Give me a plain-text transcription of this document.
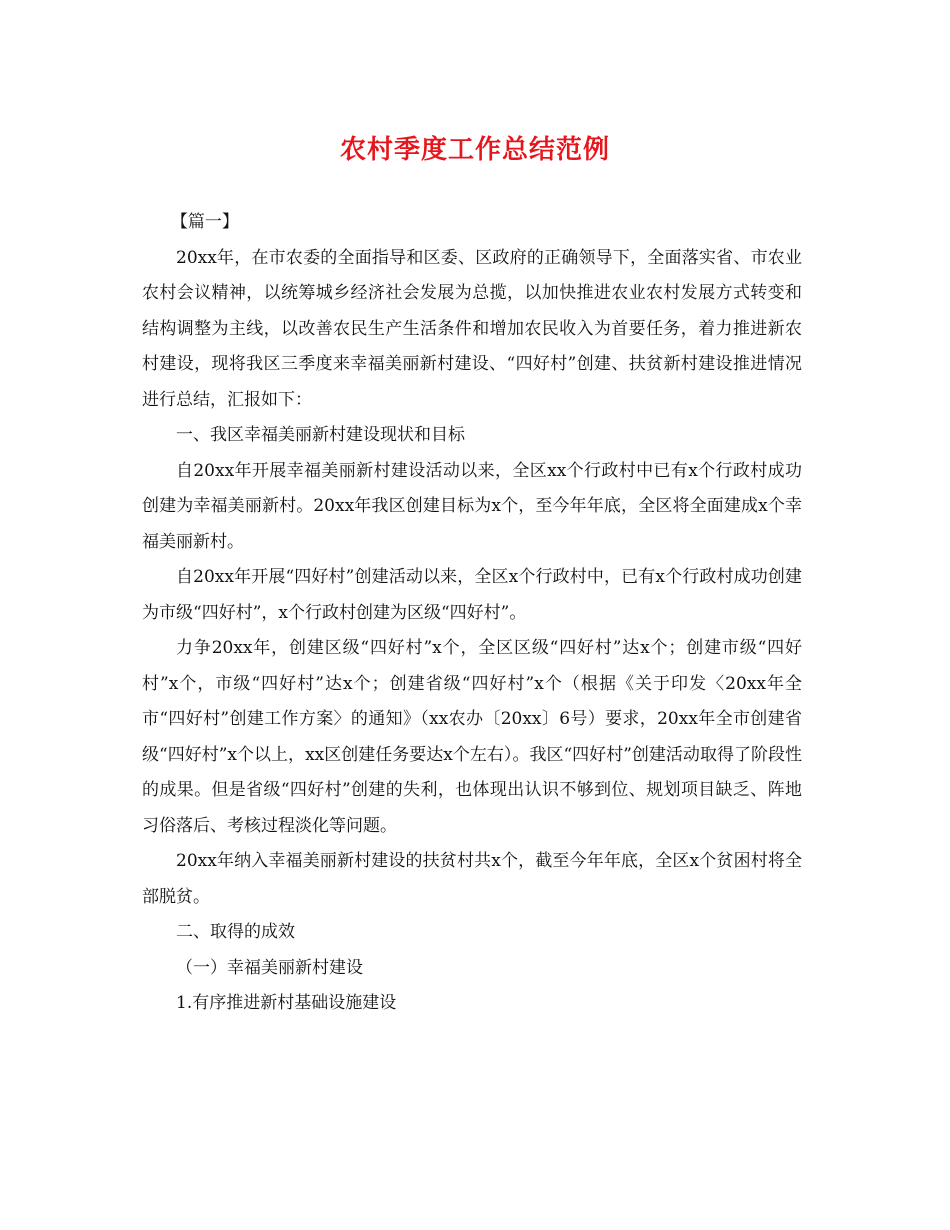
农村季度工作总结范例

【篇一】

20xx年，在市农委的全面指导和区委、区政府的正确领导下，全面落实省、市农业农村会议精神，以统筹城乡经济社会发展为总揽，以加快推进农业农村发展方式转变和结构调整为主线，以改善农民生产生活条件和增加农民收入为首要任务，着力推进新农村建设，现将我区三季度来幸福美丽新村建设、“四好村”创建、扶贫新村建设推进情况进行总结，汇报如下：

一、我区幸福美丽新村建设现状和目标

自20xx年开展幸福美丽新村建设活动以来，全区xx个行政村中已有x个行政村成功创建为幸福美丽新村。20xx年我区创建目标为x个，至今年年底，全区将全面建成x个幸福美丽新村。

自20xx年开展“四好村”创建活动以来，全区x个行政村中，已有x个行政村成功创建为市级“四好村”，x个行政村创建为区级“四好村”。

力争20xx年，创建区级“四好村”x个，全区区级“四好村”达x个；创建市级“四好村”x个，市级“四好村”达x个；创建省级“四好村”x个（根据《关于印发〈20xx年全市“四好村”创建工作方案〉的通知》（xx农办〔20xx〕6号）要求，20xx年全市创建省级“四好村”x个以上，xx区创建任务要达x个左右）。我区“四好村”创建活动取得了阶段性的成果。但是省级“四好村”创建的失利，也体现出认识不够到位、规划项目缺乏、阵地习俗落后、考核过程淡化等问题。

20xx年纳入幸福美丽新村建设的扶贫村共x个，截至今年年底，全区x个贫困村将全部脱贫。

二、取得的成效

（一）幸福美丽新村建设

1.有序推进新村基础设施建设
